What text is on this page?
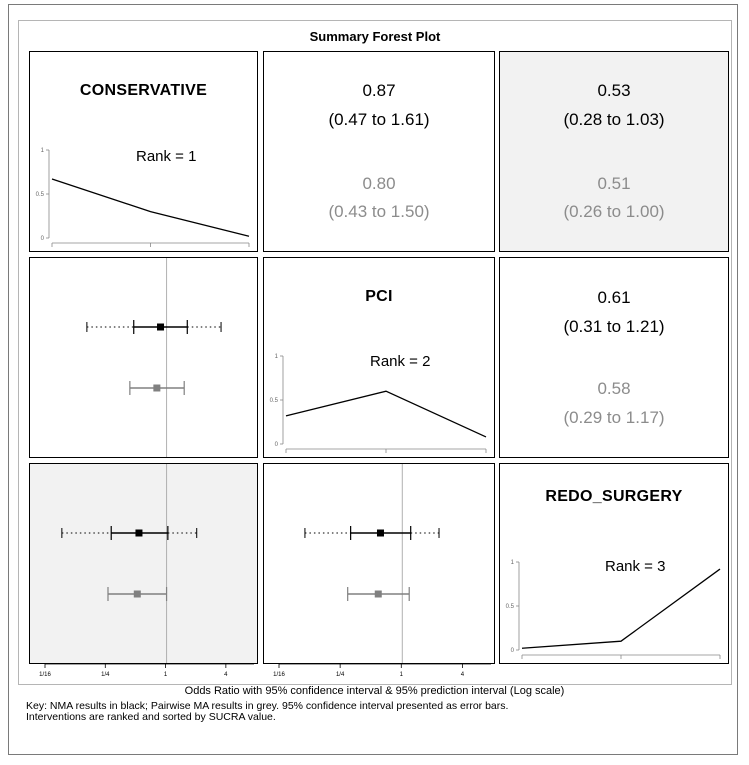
Summary Forest Plot
CONSERVATIVE
Rank = 1
0
0.5
1
0.87
(0.47 to 1.61)
0.80
(0.43 to 1.50)
0.53
(0.28 to 1.03)
0.51
(0.26 to 1.00)
PCI
Rank = 2
0
0.5
1
0.61
(0.31 to 1.21)
0.58
(0.29 to 1.17)
REDO_SURGERY
Rank = 3
0
0.5
1
1/16	1/4	1	4	1/16	1/4	1	4
Odds Ratio with 95% confidence interval & 95% prediction interval (Log scale)
Key: NMA results in black; Pairwise MA results in grey. 95% confidence interval presented as error bars.
Interventions are ranked and sorted by SUCRA value.
